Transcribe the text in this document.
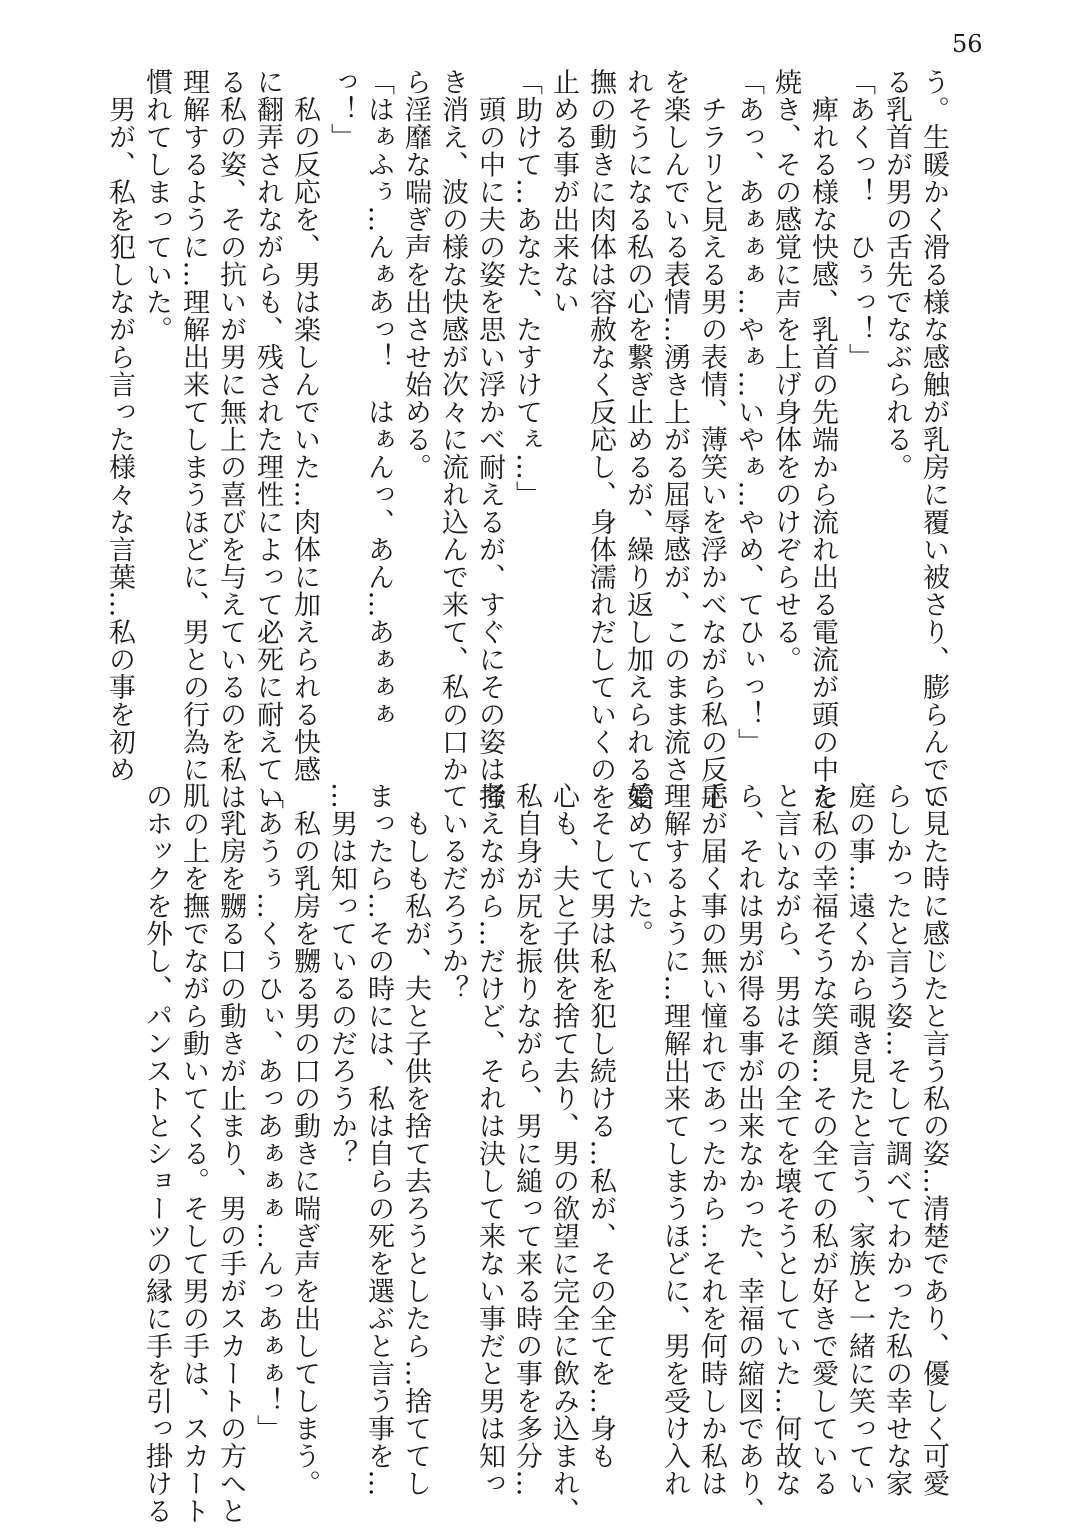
56
う。生暖かく滑る様な感触が乳房に覆い被さり、膨らんでい
る乳首が男の舌先でなぶられる。
「あくっ！　ひぅっ！」
　痺れる様な快感、乳首の先端から流れ出る電流が頭の中を
焼き、その感覚に声を上げ身体をのけぞらせる。
「あっ、あぁぁぁ…やぁ…いやぁ…やめ、てひぃっ！」
　チラリと見える男の表情、薄笑いを浮かべながら私の反応
を楽しんでいる表情…湧き上がる屈辱感が、このまま流さ
れそうになる私の心を繋ぎ止めるが、繰り返し加えられる愛
撫の動きに肉体は容赦なく反応し、身体濡れだしていくのを
止める事が出来ない
「助けて…あなた、たすけてぇ…」
　頭の中に夫の姿を思い浮かべ耐えるが、すぐにその姿は掻
き消え、波の様な快感が次々に流れ込んで来て、私の口か
ら淫靡な喘ぎ声を出させ始める。
「はぁふぅ…んぁあっ！　はぁんっ、あん…あぁぁぁ
っ！」
　私の反応を、男は楽しんでいた…肉体に加えられる快感
に翻弄されながらも、残された理性によって必死に耐えてい
る私の姿、その抗いが男に無上の喜びを与えているのを私は、
理解するように…理解出来てしまうほどに、男との行為に
慣れてしまっていた。
　男が、私を犯しながら言った様々な言葉…私の事を初め
て見た時に感じたと言う私の姿…清楚であり、優しく可愛
らしかったと言う姿…そして調べてわかった私の幸せな家
庭の事…遠くから覗き見たと言う、家族と一緒に笑ってい
た私の幸福そうな笑顔…その全ての私が好きで愛している
と言いながら、男はその全てを壊そうとしていた…何故な
ら、それは男が得る事が出来なかった、幸福の縮図であり、
手が届く事の無い憧れであったから…それを何時しか私は
理解するように…理解出来てしまうほどに、男を受け入れ
始めていた。
　そして男は私を犯し続ける…私が、その全てを…身も
心も、夫と子供を捨て去り、男の欲望に完全に飲み込まれ、
私自身が尻を振りながら、男に縋って来る時の事を多分…
考えながら…だけど、それは決して来ない事だと男は知っ
ているだろうか？
　もしも私が、夫と子供を捨て去ろうとしたら…捨ててし
まったら…その時には、私は自らの死を選ぶと言う事を…
…男は知っているのだろうか？
　私の乳房を嬲る男の口の動きに喘ぎ声を出してしまう。
「あうぅ…くぅひぃ、あっあぁぁぁ…んっあぁぁ！」
　乳房を嬲る口の動きが止まり、男の手がスカートの方へと
肌の上を撫でながら動いてくる。そして男の手は、スカート
のホックを外し、パンストとショーツの縁に手を引っ掛ける
